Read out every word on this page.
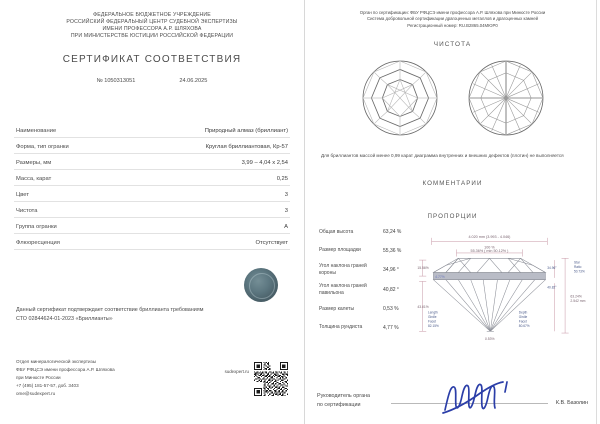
ФЕДЕРАЛЬНОЕ БЮДЖЕТНОЕ УЧРЕЖДЕНИЕ
РОССИЙСКИЙ ФЕДЕРАЛЬНЫЙ ЦЕНТР СУДЕБНОЙ ЭКСПЕРТИЗЫ
ИМЕНИ ПРОФЕССОРА А.Р. ШЛЯХОВА
ПРИ МИНИСТЕРСТВЕ ЮСТИЦИИ РОССИЙСКОЙ ФЕДЕРАЦИИ
СЕРТИФИКАТ СООТВЕТСТВИЯ
№ 1050313051	24.06.2025
Наименование	Природный алмаз (бриллиант)
Форма, тип огранки	Круглая бриллиантовая, Кр-57
Размеры, мм	3,99 – 4,04 х 2,54
Масса, карат	0,25
Цвет	3
Чистота	3
Группа огранки	А
Флюоресценция	Отсутствует
Данный сертификат подтверждает соответствие бриллианта требованиям
СТО 02844624-01-2023 «Бриллианты»
Отдел минералогической экспертизы
ФБУ РФЦСЭ имени профессора А.Р. Шляхова
при Минюсте России
+7 (495) 181-57-57, доб. 3403
ome@sudexpert.ru
sudexpert.ru
Орган по сертификации: ФБУ РФЦСЭ имени профессора А.Р. Шляхова при Минюсте России
Система добровольной сертификации драгоценных металлов и драгоценных камней
Регистрационный номер: RU.В2865.04МЮР0
ЧИСТОТА
Для бриллиантов массой менее 0,99 карат диаграмма внутренних и внешних дефектов (плотин) не выполняется
КОММЕНТАРИИ
ПРОПОРЦИИ
Общая высота	63,24 %
Размер площадки	55,36 %
Угол наклона граней короны	34,96 °
Угол наклона граней павильона	40,82 °
Размер калеты	0,53 %
Толщина рундиста	4,77 %
4.020 mm (3.993 - 4.046)
100 %
55.36% ( min 50.12% )
15.56%
43.01%
4.77%
0.53%
63.24%
2.542 mm
34.96°
40.82°
Star
Ratio
50.73%
Length
Girdle
Facet
82.15%
Depth
Girdle
Facet
80.67%
Руководитель органа
по сертификации	К.В. Базолин
